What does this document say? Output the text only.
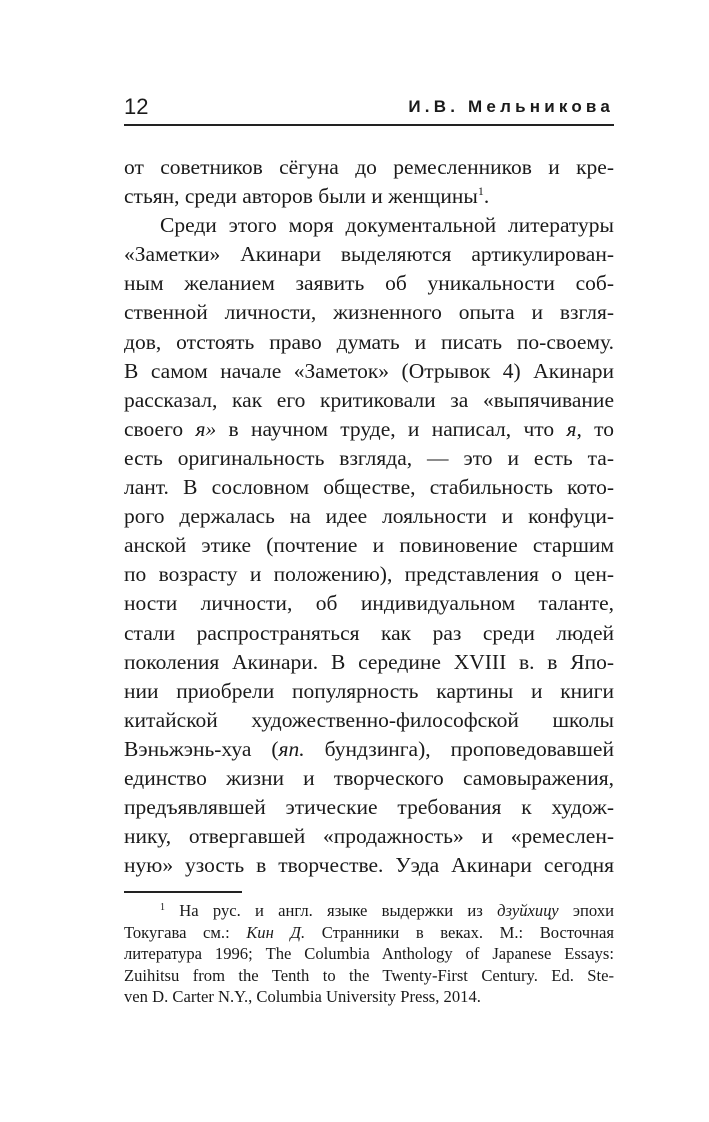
12	И.В. Мельникова
от советников сёгуна до ремесленников и кре-
стьян, среди авторов были и женщины$^1$.
Среди этого моря документальной литературы
«Заметки» Акинари выделяются артикулирован-
ным желанием заявить об уникальности соб-
ственной личности, жизненного опыта и взгля-
дов, отстоять право думать и писать по-своему.
В самом начале «Заметок» (Отрывок 4) Акинари
рассказал, как его критиковали за «выпячивание
своего я» в научном труде, и написал, что я, то
есть оригинальность взгляда, — это и есть та-
лант. В сословном обществе, стабильность кото-
рого держалась на идее лояльности и конфуци-
анской этике (почтение и повиновение старшим
по возрасту и положению), представления о цен-
ности личности, об индивидуальном таланте,
стали распространяться как раз среди людей
поколения Акинари. В середине XVIII в. в Япо-
нии приобрели популярность картины и книги
китайской художественно-философской школы
Вэньжэнь-хуа (яп. бундзинга), проповедовавшей
единство жизни и творческого самовыражения,
предъявлявшей этические требования к худож-
нику, отвергавшей «продажность» и «ремеслен-
ную» узость в творчестве. Уэда Акинари сегодня
$^1$ На рус. и англ. языке выдержки из дзуйхицу эпохи
Токугава см.: Кин Д. Странники в веках. М.: Восточная
литература 1996; The Columbia Anthology of Japanese Essays:
Zuihitsu from the Tenth to the Twenty-First Century. Ed. Ste-
ven D. Carter N.Y., Columbia University Press, 2014.
